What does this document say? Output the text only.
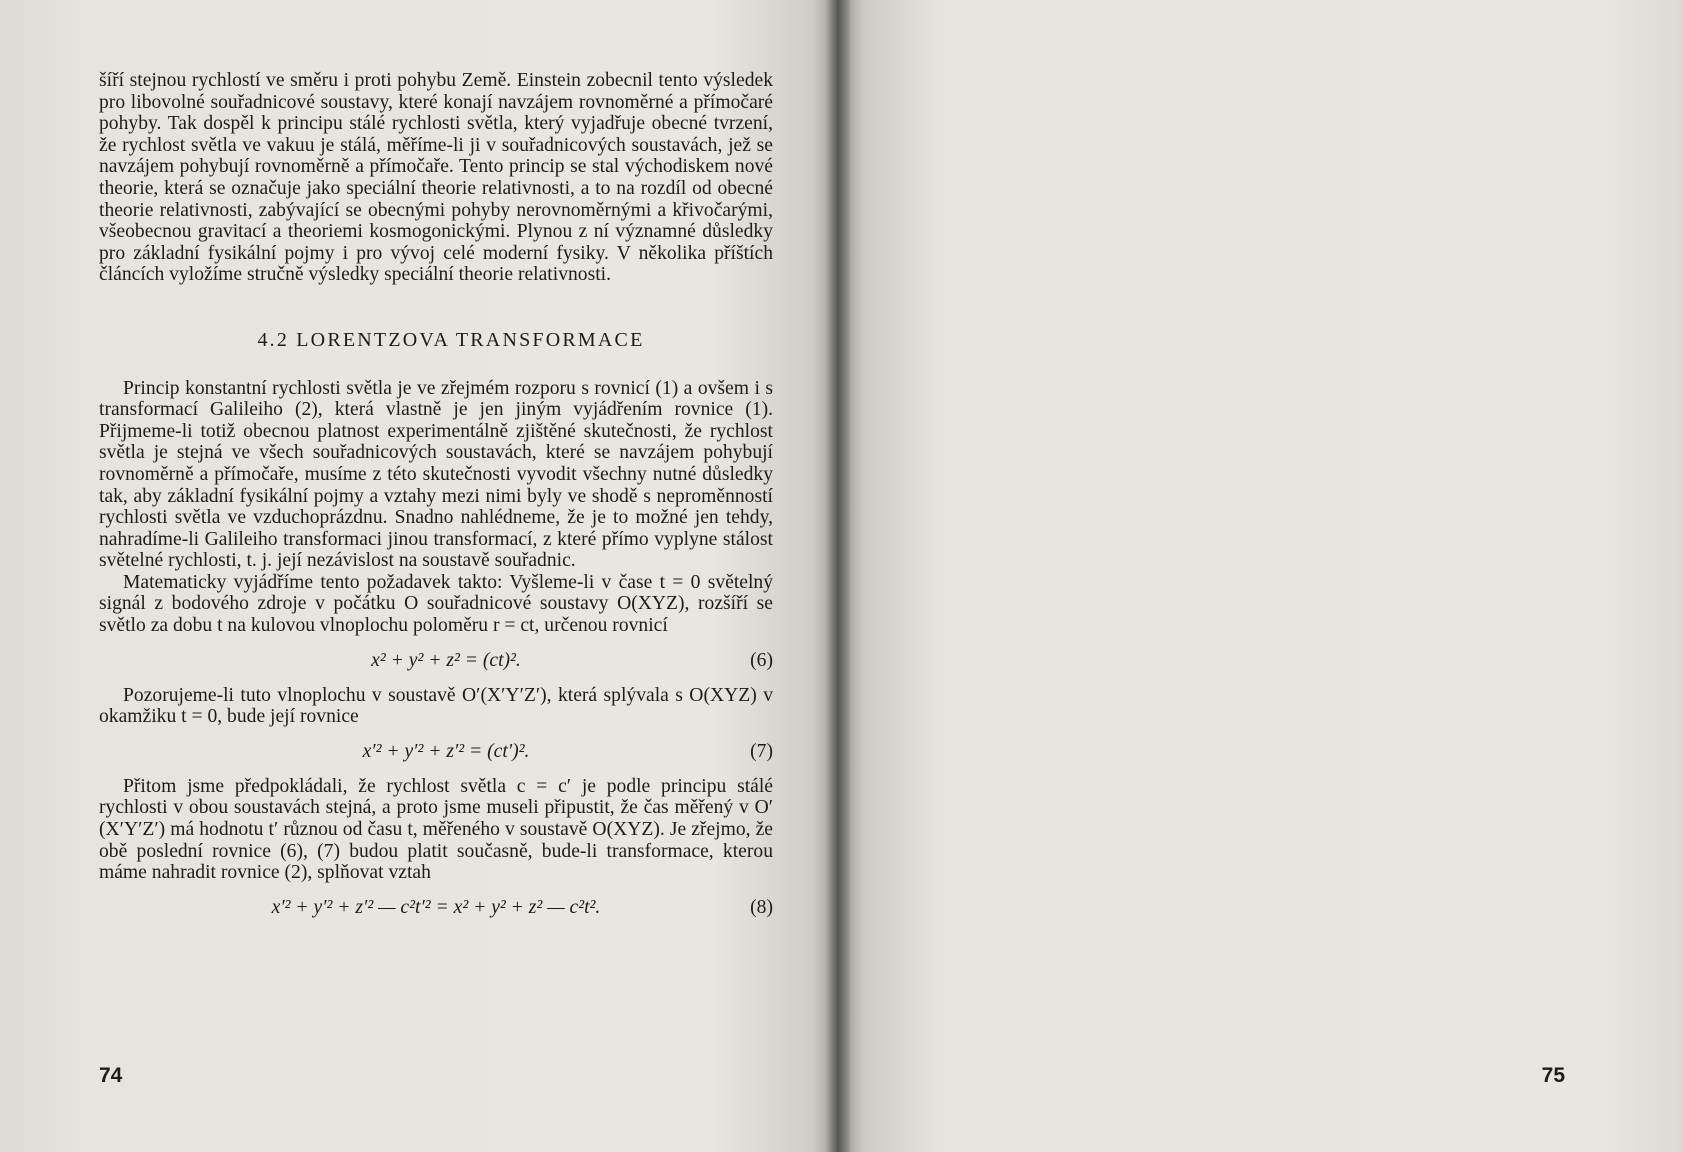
šíří stejnou rychlostí ve směru i proti pohybu Země. Einstein zobecnil tento výsledek pro libovolné souřadnicové soustavy, které konají navzájem rovnoměrné a přímočaré pohyby. Tak dospěl k principu stálé rychlosti světla, který vyjadřuje obecné tvrzení, že rychlost světla ve vakuu je stálá, měříme-li ji v souřadnicových soustavách, jež se navzájem pohybují rovnoměrně a přímočaře. Tento princip se stal východiskem nové theorie, která se označuje jako speciální theorie relativnosti, a to na rozdíl od obecné theorie relativnosti, zabývající se obecnými pohyby nerovnoměrnými a křivočarými, všeobecnou gravitací a theoriemi kosmogonickými. Plynou z ní významné důsledky pro základní fysikální pojmy i pro vývoj celé moderní fysiky. V několika příštích článcích vyložíme stručně výsledky speciální theorie relativnosti.

4.2 LORENTZOVA TRANSFORMACE

Princip konstantní rychlosti světla je ve zřejmém rozporu s rovnicí (1) a ovšem i s transformací Galileiho (2), která vlastně je jen jiným vyjádřením rovnice (1). Přijmeme-li totiž obecnou platnost experimentálně zjištěné skutečnosti, že rychlost světla je stejná ve všech souřadnicových soustavách, které se navzájem pohybují rovnoměrně a přímočaře, musíme z této skutečnosti vyvodit všechny nutné důsledky tak, aby základní fysikální pojmy a vztahy mezi nimi byly ve shodě s neproměnností rychlosti světla ve vzduchoprázdnu. Snadno nahlédneme, že je to možné jen tehdy, nahradíme-li Galileiho transformaci jinou transformací, z které přímo vyplyne stálost světelné rychlosti, t. j. její nezávislost na soustavě souřadnic.

Matematicky vyjádříme tento požadavek takto: Vyšleme-li v čase t = 0 světelný signál z bodového zdroje v počátku O souřadnicové soustavy O(XYZ), rozšíří se světlo za dobu t na kulovou vlnoplochu poloměru r = ct, určenou rovnicí

x² + y² + z² = (ct)².	(6)

Pozorujeme-li tuto vlnoplochu v soustavě O′(X′Y′Z′), která splývala s O(XYZ) v okamžiku t = 0, bude její rovnice

x′² + y′² + z′² = (ct′)².	(7)

Přitom jsme předpokládali, že rychlost světla c = c′ je podle principu stálé rychlosti v obou soustavách stejná, a proto jsme museli připustit, že čas měřený v O′(X′Y′Z′) má hodnotu t′ různou od času t, měřeného v soustavě O(XYZ). Je zřejmo, že obě poslední rovnice (6), (7) budou platit současně, bude-li transformace, kterou máme nahradit rovnice (2), splňovat vztah

x′² + y′² + z′² — c²t′² = x² + y² + z² — c²t².	(8)
74

	75
